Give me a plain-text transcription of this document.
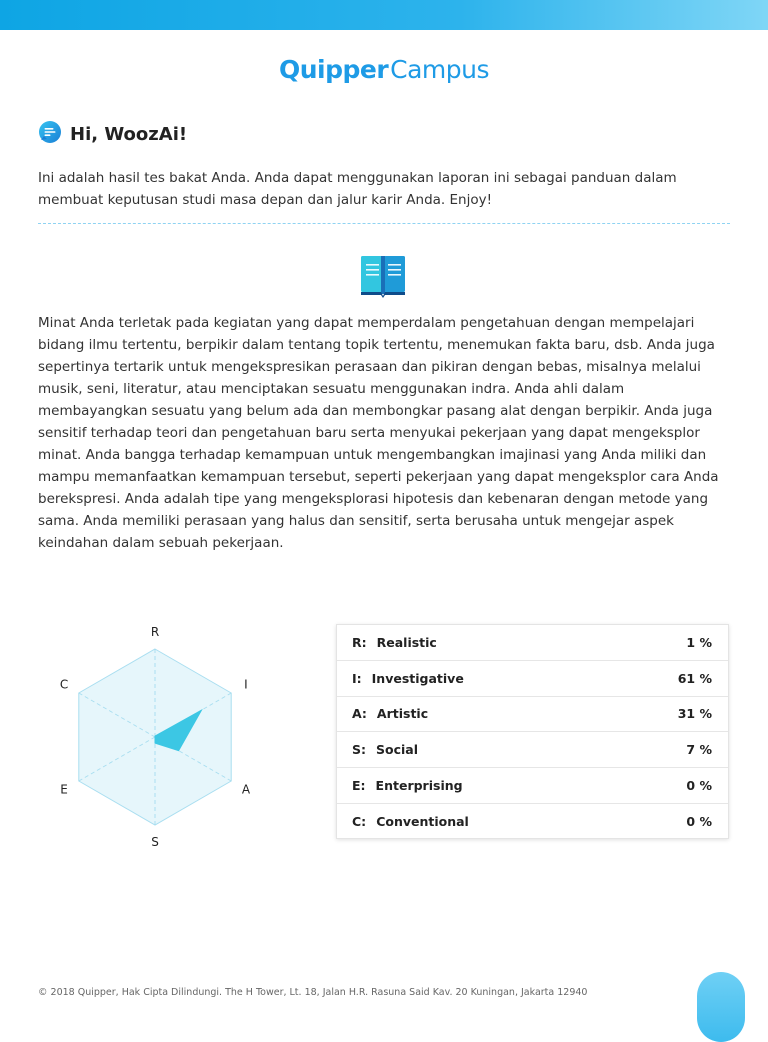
QuipperCampus
Hi, WoozAi!

Ini adalah hasil tes bakat Anda. Anda dapat menggunakan laporan ini sebagai panduan dalam membuat keputusan studi masa depan dan jalur karir Anda. Enjoy!

Minat Anda terletak pada kegiatan yang dapat memperdalam pengetahuan dengan mempelajari bidang ilmu tertentu, berpikir dalam tentang topik tertentu, menemukan fakta baru, dsb. Anda juga sepertinya tertarik untuk mengekspresikan perasaan dan pikiran dengan bebas, misalnya melalui musik, seni, literatur, atau menciptakan sesuatu menggunakan indra. Anda ahli dalam membayangkan sesuatu yang belum ada dan membongkar pasang alat dengan berpikir. Anda juga sensitif terhadap teori dan pengetahuan baru serta menyukai pekerjaan yang dapat mengeksplor minat. Anda bangga terhadap kemampuan untuk mengembangkan imajinasi yang Anda miliki dan mampu memanfaatkan kemampuan tersebut, seperti pekerjaan yang dapat mengeksplor cara Anda berekspresi. Anda adalah tipe yang mengeksplorasi hipotesis dan kebenaran dengan metode yang sama. Anda memiliki perasaan yang halus dan sensitif, serta berusaha untuk mengejar aspek keindahan dalam sebuah pekerjaan.

R
I
A
S
E
C
R: Realistic	1 %
I: Investigative	61 %
A: Artistic	31 %
S: Social	7 %
E: Enterprising	0 %
C: Conventional	0 %
© 2018 Quipper, Hak Cipta Dilindungi. The H Tower, Lt. 18, Jalan H.R. Rasuna Said Kav. 20 Kuningan, Jakarta 12940
